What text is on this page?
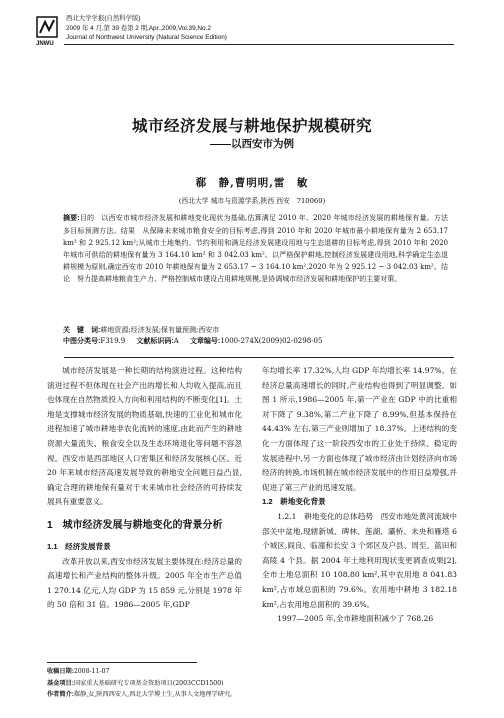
JNWU
西北大学学报(自然科学版)
2009 年 4 月,第 39 卷第 2 期,Apr.,2009,Vol.39,No.2
Journal of Northwest University (Natural Science Edition)
城市经济发展与耕地保护规模研究
——以西安市为例
郗　静,曹明明,雷　敏
(西北大学 城市与资源学系,陕西 西安　710069)
摘要:目的　以西安市城市经济发展和耕地变化现状为基础,估算满足 2010 年、2020 年城市经济发展的耕地保有量。方法　多目标预测方法。结果　从保障未来城市粮食安全的目标考虑,得到 2010 年和 2020 年城市最小耕地保有量为 2 653.17 km² 和 2 925.12 km²;从城市土地集约、节约利用和满足经济发展建设用地与生态退耕的目标考虑,得到 2010 年和 2020 年城市可供给的耕地保有量为 3 164.10 km² 和 3 042.03 km²。以严格保护耕地,控制经济发展建设用地,科学确定生态退耕规模为原则,确定西安市 2010 年耕地保有量为 2 653.17 ~ 3 164.10 km²,2020 年为 2 925.12 ~ 3 042.03 km²。结论　努力提高耕地粮食生产力、严格控制城市建设占用耕地规模,是协调城市经济发展和耕地保护的主要对策。
关　键　词:耕地资源;经济发展;保有量预测;西安市
中图分类号:F319.9 文献标识码:A 文章编号:1000-274Ⅹ(2009)02-0298-05

城市经济发展是一种长期的结构演进过程。这种结构演进过程不但体现在社会产出的增长和人均收入提高,而且也体现在自然物质投入方向和利用结构的不断变化[1]。土地是支撑城市经济发展的物质基础,快速的工业化和城市化进程加速了城市耕地非农化流转的速度,由此而产生的耕地资源大量流失、粮食安全以及生态环境退化等问题不容忽视。西安市是西部地区人口密集区和经济发展核心区。近 20 年来城市经济高速发展导致的耕地安全问题日益凸显,确定合理的耕地保有量对于未来城市社会经济的可持续发展具有重要意义。

1　城市经济发展与耕地变化的背景分析
1.1　经济发展背景

改革开放以来,西安市经济发展主要体现在:经济总量的高速增长和产业结构的整体升级。2005 年全市生产总值 1 270.14 亿元,人均 GDP 为 15 859 元,分别是 1978 年的 50 倍和 31 倍。1986—2005 年,GDP

年均增长率 17.32%,人均 GDP 年均增长率 14.97%。在经济总量高速增长的同时,产业结构也得到了明显调整。如图 1 所示,1986—2005 年,第一产业在 GDP 中的比重相对下降了 9.38%,第二产业下降了 8.99%,但基本保持在 44.43% 左右,第三产业则增加了 18.37%。上述结构的变化一方面体现了这一阶段西安市的工业处于持续、稳定的发展进程中,另一方面也体现了城市经济由计划经济向市场经济的转换,市场机制在城市经济发展中的作用日益增强,并促进了第三产业的迅速发展。

1.2　耕地变化背景

1.2.1　耕地变化的总体趋势　西安市地处黄河流域中部关中盆地,现辖新城、碑林、莲湖、灞桥、未央和雁塔 6 个城区,阎良、临潼和长安 3 个郊区及户县、周至、蓝田和高陵 4 个县。据 2004 年土地利用现状变更调查成果[2],全市土地总面积 10 108.80 km²,其中农用地 8 041.83 km²,占市域总面积的 79.6%。农用地中耕地 3 182.18 km²,占农用地总面积的 39.6%。

1997—2005 年,全市耕地面积减少了 768.26

收稿日期:2008-11-07
基金项目:国家重大基础研究专项基金资助项目(2003CCD1500)
作者简介:郗静,女,陕西西安人,西北大学博士生,从事人文地理学研究。
